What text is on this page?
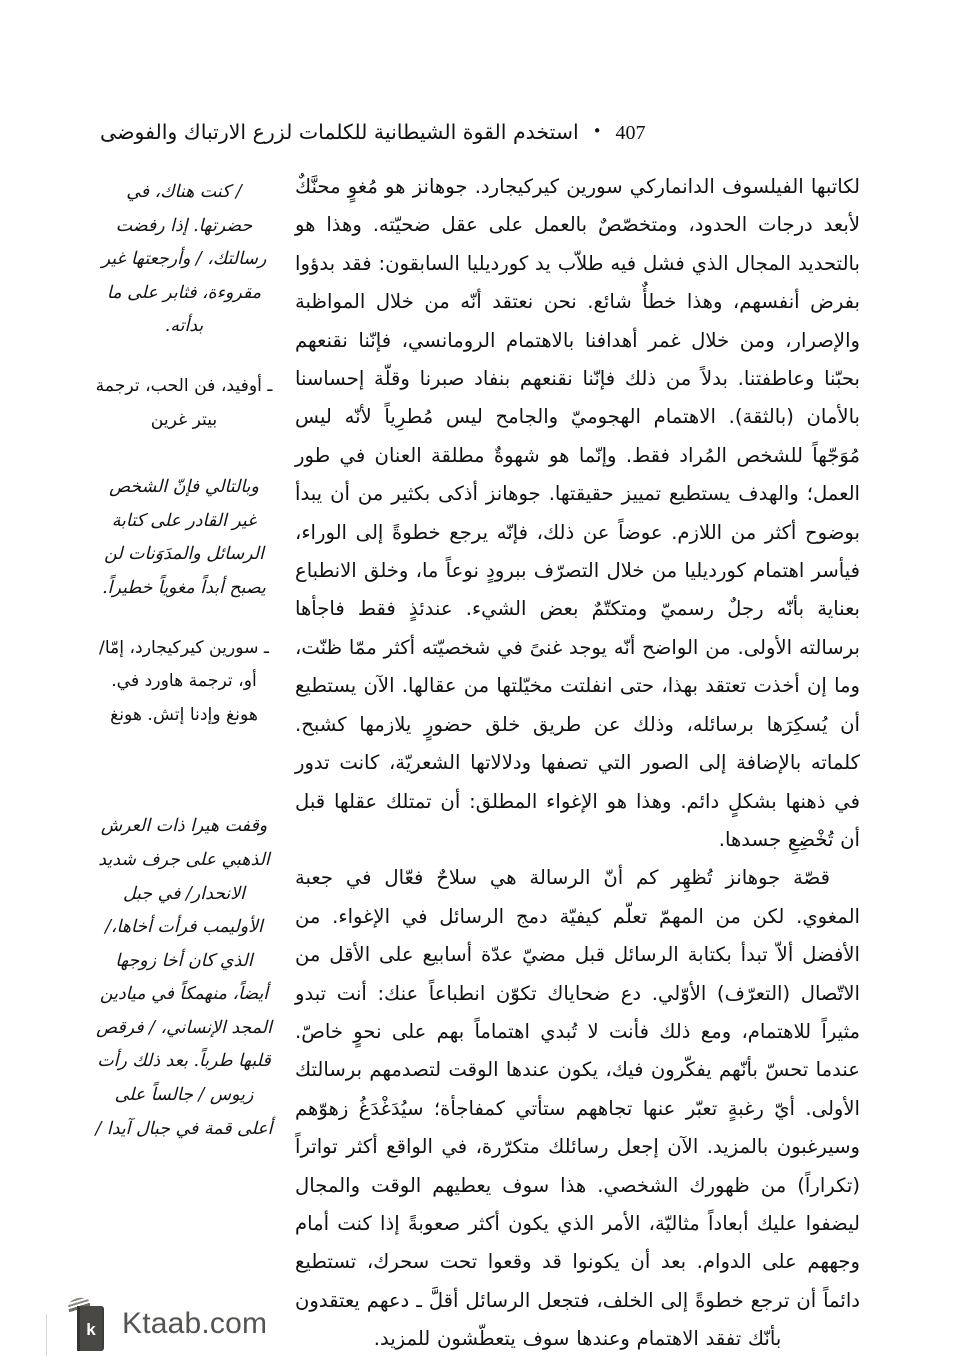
استخدم القوة الشيطانية للكلمات لزرع الارتباك والفوضى • 407

لكاتبها الفيلسوف الدانماركي سورين كيركيجارد. جوهانز هو مُغوٍ محنَّكٌ لأبعد درجات الحدود، ومتخصّصٌ بالعمل على عقل ضحيّته. وهذا هو بالتحديد المجال الذي فشل فيه طلاّب يد كورديليا السابقون: فقد بدؤوا بفرض أنفسهم، وهذا خطأٌ شائع. نحن نعتقد أنّه من خلال المواظبة والإصرار، ومن خلال غمر أهدافنا بالاهتمام الرومانسي، فإنّنا نقنعهم بحبّنا وعاطفتنا. بدلاً من ذلك فإنّنا نقنعهم بنفاد صبرنا وقلّة إحساسنا بالأمان (بالثقة). الاهتمام الهجوميّ والجامح ليس مُطرِياً لأنّه ليس مُوَجّهاً للشخص المُراد فقط. وإنّما هو شهوةٌ مطلقة العنان في طور العمل؛ والهدف يستطيع تمييز حقيقتها. جوهانز أذكى بكثير من أن يبدأ بوضوح أكثر من اللازم. عوضاً عن ذلك، فإنّه يرجع خطوةً إلى الوراء، فيأسر اهتمام كورديليا من خلال التصرّف ببرودٍ نوعاً ما، وخلق الانطباع بعناية بأنّه رجلٌ رسميّ ومتكتّمٌ بعض الشيء. عندئذٍ فقط فاجأها برسالته الأولى. من الواضح أنّه يوجد غنىً في شخصيّته أكثر ممّا ظنّت، وما إن أخذت تعتقد بهذا، حتى انفلتت مخيّلتها من عقالها. الآن يستطيع أن يُسكِرَها برسائله، وذلك عن طريق خلق حضورٍ يلازمها كشبح. كلماته بالإضافة إلى الصور التي تصفها ودلالاتها الشعريّة، كانت تدور في ذهنها بشكلٍ دائم. وهذا هو الإغواء المطلق: أن تمتلك عقلها قبل أن تُخْضِعِ جسدها.

قصّة جوهانز تُظهِر كم أنّ الرسالة هي سلاحٌ فعّال في جعبة المغوي. لكن من المهمّ تعلّم كيفيّة دمج الرسائل في الإغواء. من الأفضل ألاّ تبدأ بكتابة الرسائل قبل مضيّ عدّة أسابيع على الأقل من الاتّصال (التعرّف) الأوّلي. دع ضحاياك تكوّن انطباعاً عنك: أنت تبدو مثيراً للاهتمام، ومع ذلك فأنت لا تُبدي اهتماماً بهم على نحوٍ خاصّ. عندما تحسّ بأنّهم يفكّرون فيك، يكون عندها الوقت لتصدمهم برسالتك الأولى. أيّ رغبةٍ تعبّر عنها تجاههم ستأتي كمفاجأة؛ سيُدَغْدَغُ زهوّهم وسيرغبون بالمزيد. الآن إجعل رسائلك متكرّرة، في الواقع أكثر تواتراً (تكراراً) من ظهورك الشخصي. هذا سوف يعطيهم الوقت والمجال ليضفوا عليك أبعاداً مثاليّة، الأمر الذي يكون أكثر صعوبةً إذا كنت أمام وجههم على الدوام. بعد أن يكونوا قد وقعوا تحت سحرك، تستطيع دائماً أن ترجع خطوةً إلى الخلف، فتجعل الرسائل أقلَّ ـ دعهم يعتقدون بأنّك تفقد الاهتمام وعندها سوف يتعطّشون للمزيد.

/ كنت هناك، في حضرتها. إذا رفضت رسالتك، / وأرجعتها غير مقروءة، فثابر على ما بدأته.

ـ أوفيد، فن الحب، ترجمة بيتر غرين

وبالتالي فإنّ الشخص غير القادر على كتابة الرسائل والمدَوَنات لن يصبح أبداً مغوياً خطيراً.

ـ سورين كيركيجارد، إمّا/أو، ترجمة هاورد في. هونغ وإدنا إتش. هونغ

وقفت هيرا ذات العرش الذهبي على جرف شديد الانحدار/ في جبل الأوليمب فرأت أخاها،/ الذي كان أخا زوجها أيضاً، منهمكاً في ميادين المجد الإنساني، / فرقص قلبها طرباً. بعد ذلك رأت زيوس / جالساً على أعلى قمة في جبال آيدا /

k Ktaab.com
